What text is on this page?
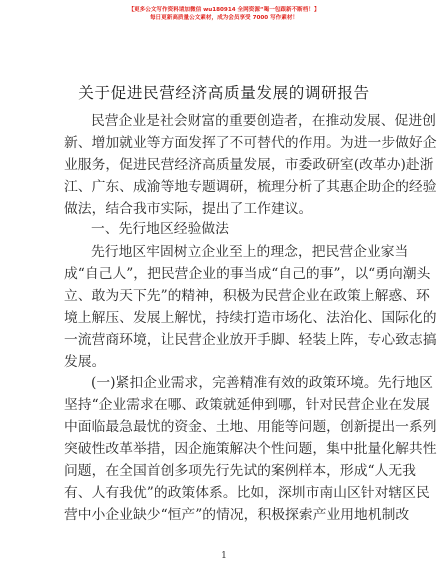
【更多公文写作资料请加微信 wu180914 全网资源“喝一包跟新不断档！】
每日更新高质量公文素材，成为会员享受 7000 写作素材！
关于促进民营经济高质量发展的调研报告
民营企业是社会财富的重要创造者，在推动发展、促进创
新、增加就业等方面发挥了不可替代的作用。为进一步做好企
业服务，促进民营经济高质量发展，市委政研室(改革办)赴浙
江、广东、成渝等地专题调研，梳理分析了其惠企助企的经验
做法，结合我市实际，提出了工作建议。
一、先行地区经验做法
先行地区牢固树立企业至上的理念，把民营企业家当
成“自己人”，把民营企业的事当成“自己的事”，以“勇向潮头
立、敢为天下先”的精神，积极为民营企业在政策上解惑、环
境上解压、发展上解忧，持续打造市场化、法治化、国际化的
一流营商环境，让民营企业放开手脚、轻装上阵，专心致志搞
发展。
(一)紧扣企业需求，完善精准有效的政策环境。先行地区
坚持“企业需求在哪、政策就延伸到哪，针对民营企业在发展
中面临最急最忧的资金、土地、用能等问题，创新提出一系列
突破性改革举措，因企施策解决个性问题，集中批量化解共性
问题，在全国首创多项先行先试的案例样本，形成“人无我
有、人有我优”的政策体系。比如，深圳市南山区针对辖区民
营中小企业缺少“恒产”的情况，积极探索产业用地机制改
1
